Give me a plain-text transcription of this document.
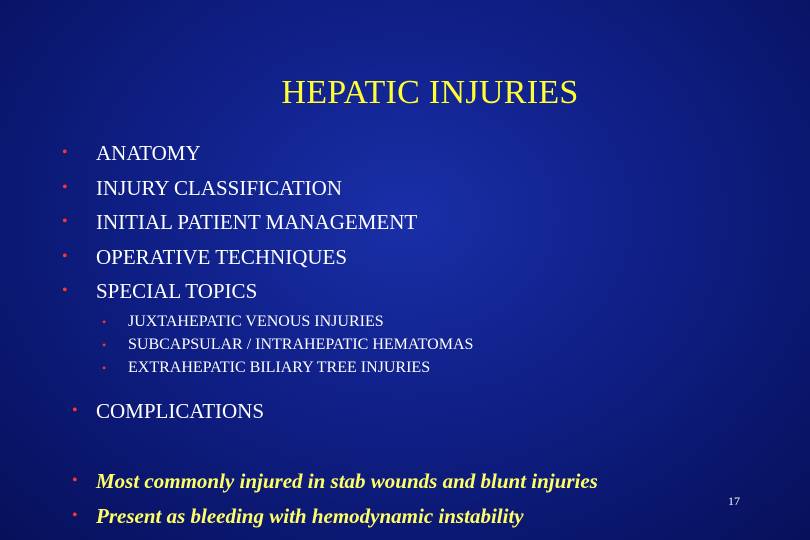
HEPATIC INJURIES
• ANATOMY
• INJURY CLASSIFICATION
• INITIAL PATIENT MANAGEMENT
• OPERATIVE TECHNIQUES
• SPECIAL TOPICS
• JUXTAHEPATIC VENOUS INJURIES
• SUBCAPSULAR / INTRAHEPATIC HEMATOMAS
• EXTRAHEPATIC BILIARY TREE INJURIES
• COMPLICATIONS
• Most commonly injured in stab wounds and blunt injuries
• Present as bleeding with hemodynamic instability
17
